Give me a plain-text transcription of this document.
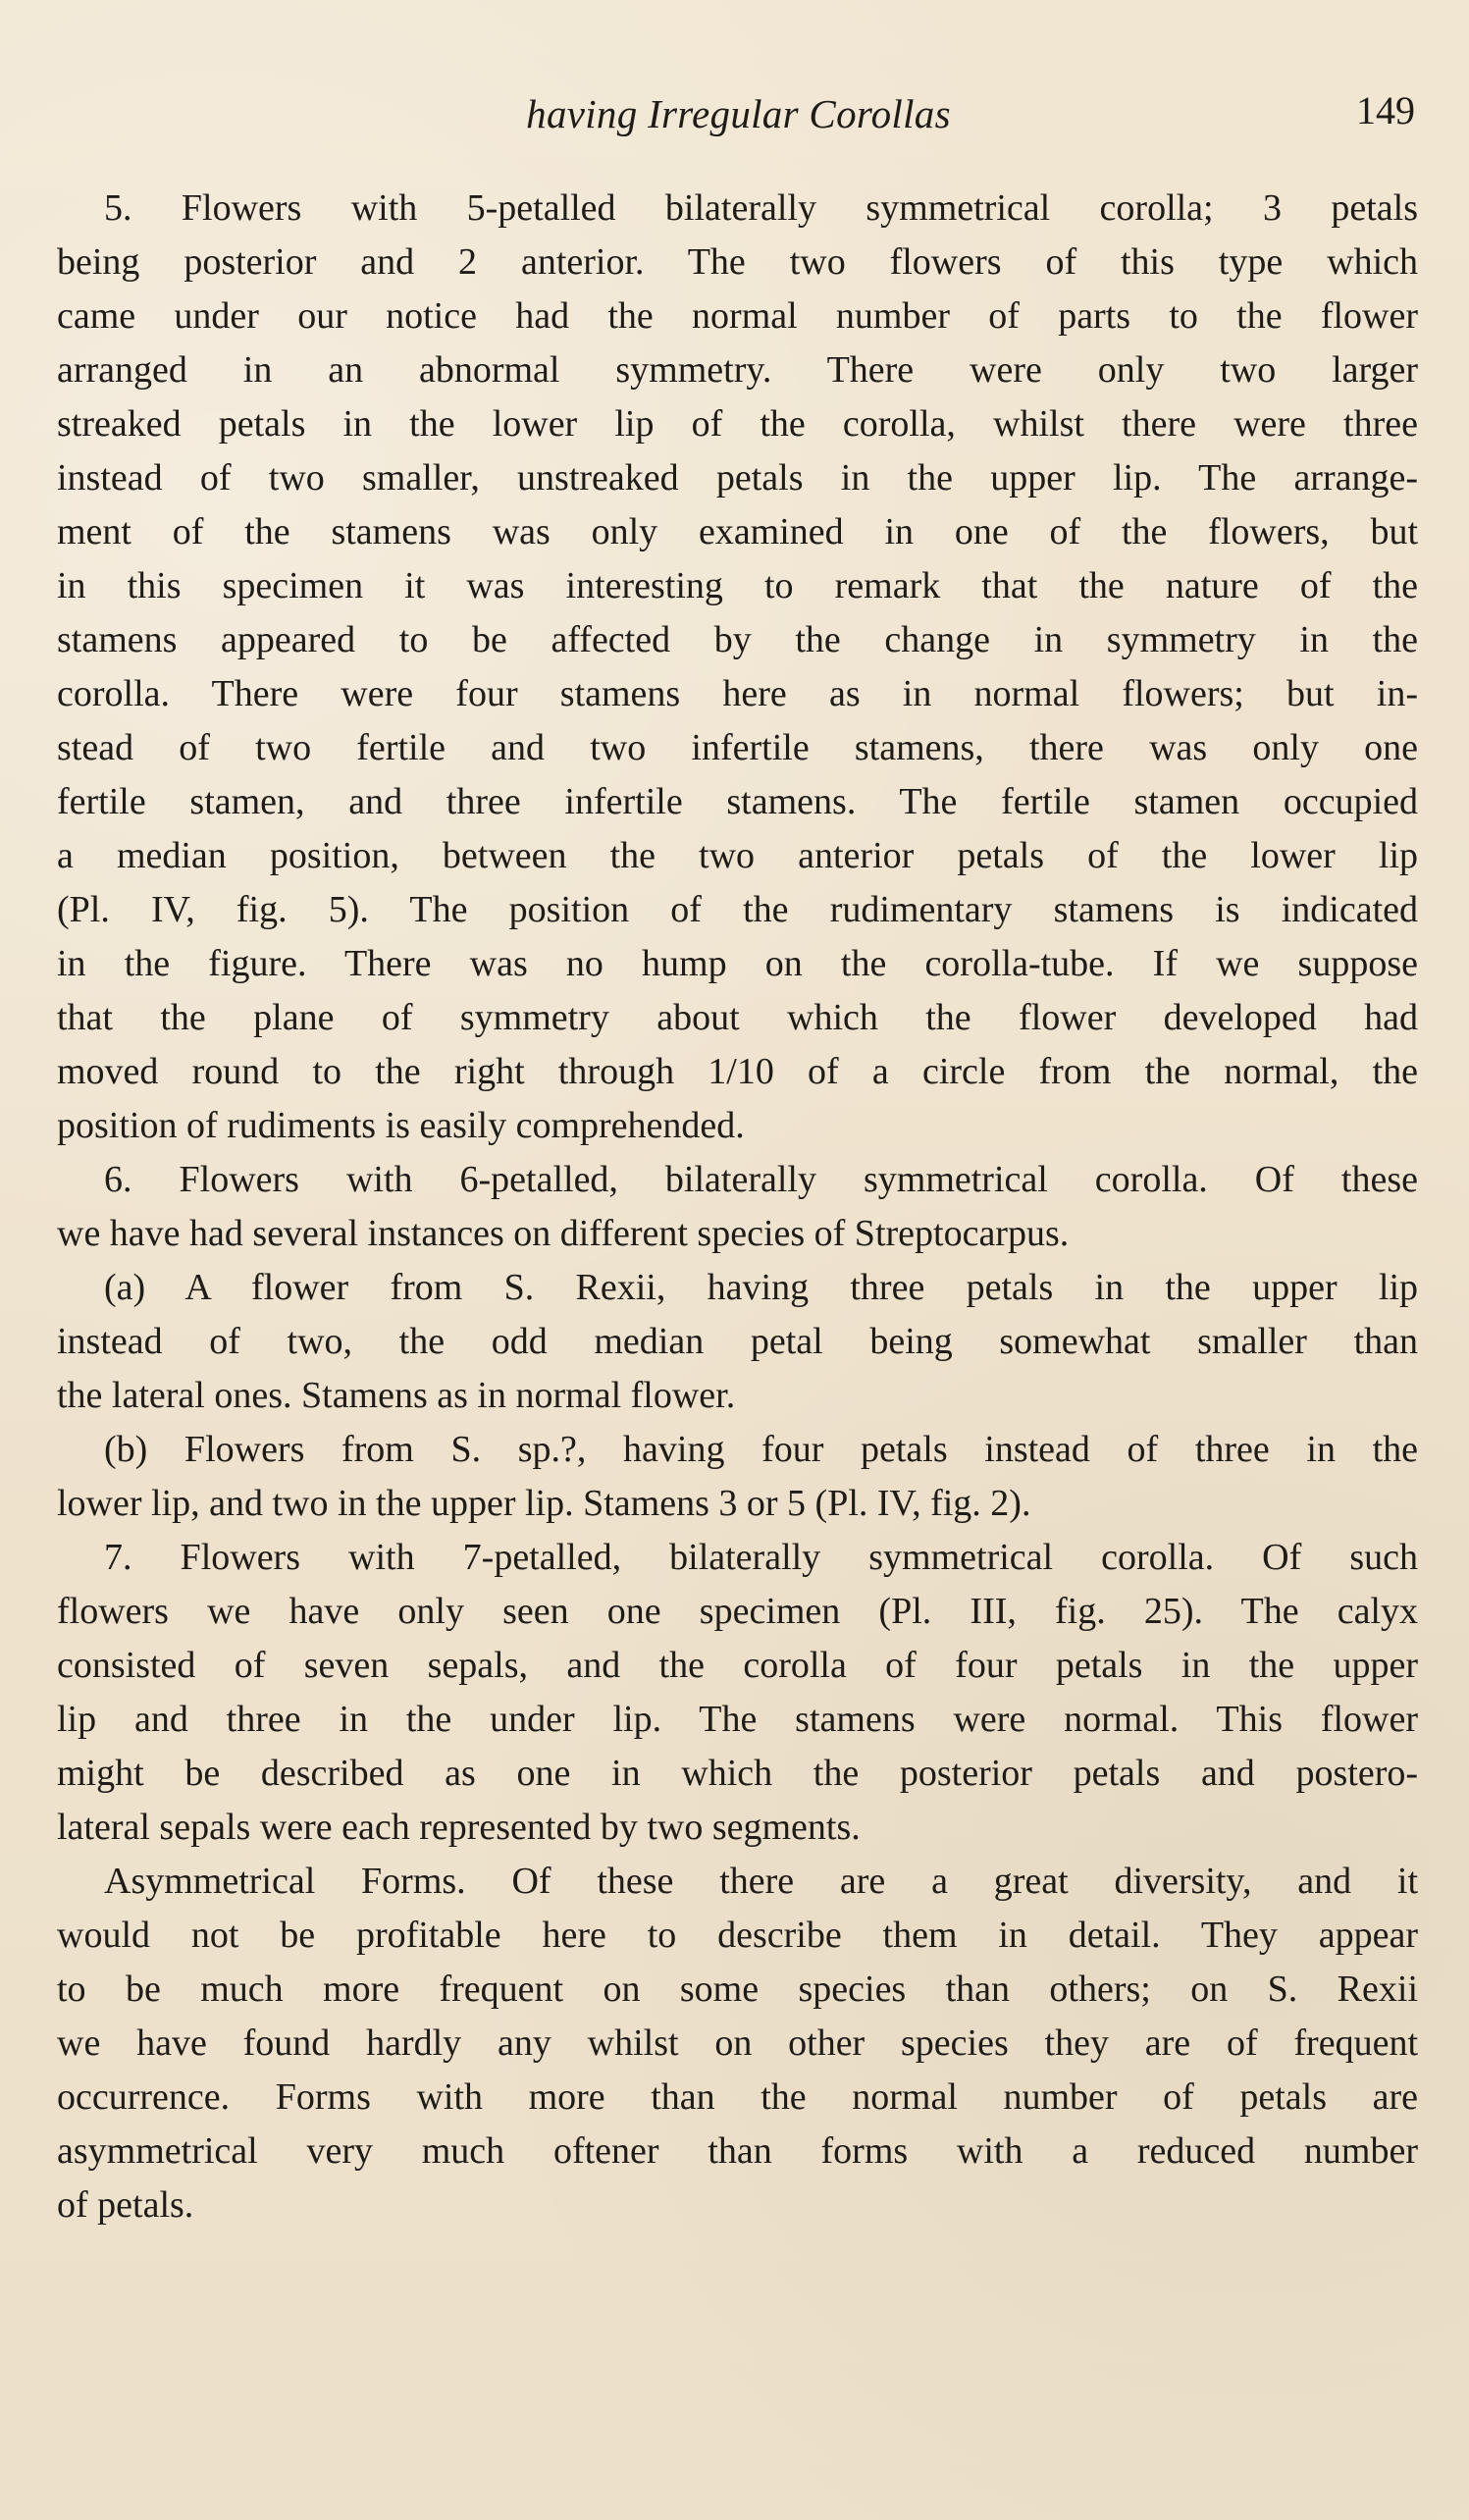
having Irregular Corollas	149
5. Flowers with 5-petalled bilaterally symmetrical corolla; 3 petals
being posterior and 2 anterior. The two flowers of this type which
came under our notice had the normal number of parts to the flower
arranged in an abnormal symmetry. There were only two larger
streaked petals in the lower lip of the corolla, whilst there were three
instead of two smaller, unstreaked petals in the upper lip. The arrange-
ment of the stamens was only examined in one of the flowers, but
in this specimen it was interesting to remark that the nature of the
stamens appeared to be affected by the change in symmetry in the
corolla. There were four stamens here as in normal flowers; but in-
stead of two fertile and two infertile stamens, there was only one
fertile stamen, and three infertile stamens. The fertile stamen occupied
a median position, between the two anterior petals of the lower lip
(Pl. IV, fig. 5). The position of the rudimentary stamens is indicated
in the figure. There was no hump on the corolla-tube. If we suppose
that the plane of symmetry about which the flower developed had
moved round to the right through 1/10 of a circle from the normal, the
position of rudiments is easily comprehended.
6. Flowers with 6-petalled, bilaterally symmetrical corolla. Of these
we have had several instances on different species of Streptocarpus.
(a) A flower from S. Rexii, having three petals in the upper lip
instead of two, the odd median petal being somewhat smaller than
the lateral ones. Stamens as in normal flower.
(b) Flowers from S. sp.?, having four petals instead of three in the
lower lip, and two in the upper lip. Stamens 3 or 5 (Pl. IV, fig. 2).
7. Flowers with 7-petalled, bilaterally symmetrical corolla. Of such
flowers we have only seen one specimen (Pl. III, fig. 25). The calyx
consisted of seven sepals, and the corolla of four petals in the upper
lip and three in the under lip. The stamens were normal. This flower
might be described as one in which the posterior petals and postero-
lateral sepals were each represented by two segments.
Asymmetrical Forms. Of these there are a great diversity, and it
would not be profitable here to describe them in detail. They appear
to be much more frequent on some species than others; on S. Rexii
we have found hardly any whilst on other species they are of frequent
occurrence. Forms with more than the normal number of petals are
asymmetrical very much oftener than forms with a reduced number
of petals.
